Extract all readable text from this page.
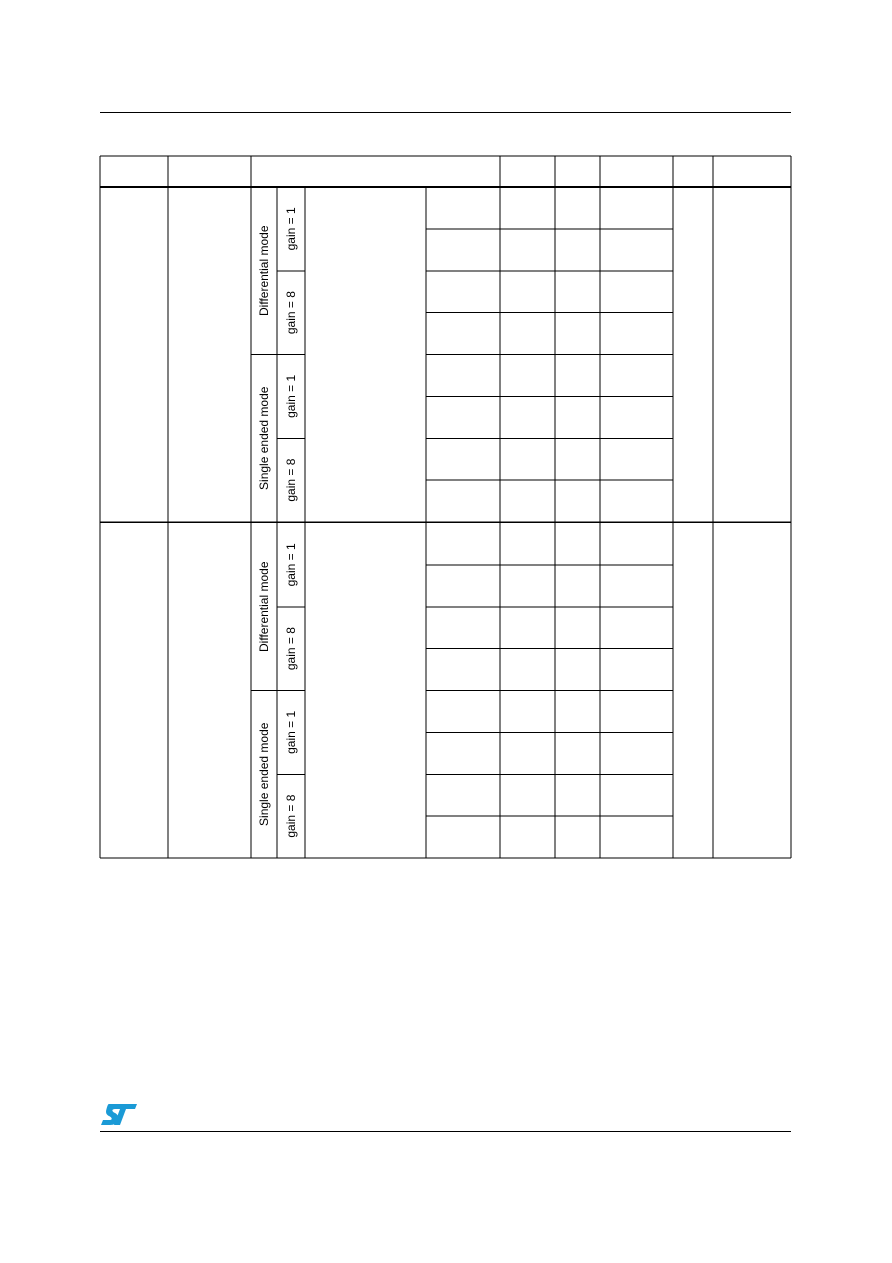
Differential mode gain = 1
gain = 8
Single ended mode gain = 1
gain = 8
Differential mode gain = 1
gain = 8
Single ended mode gain = 1
gain = 8
